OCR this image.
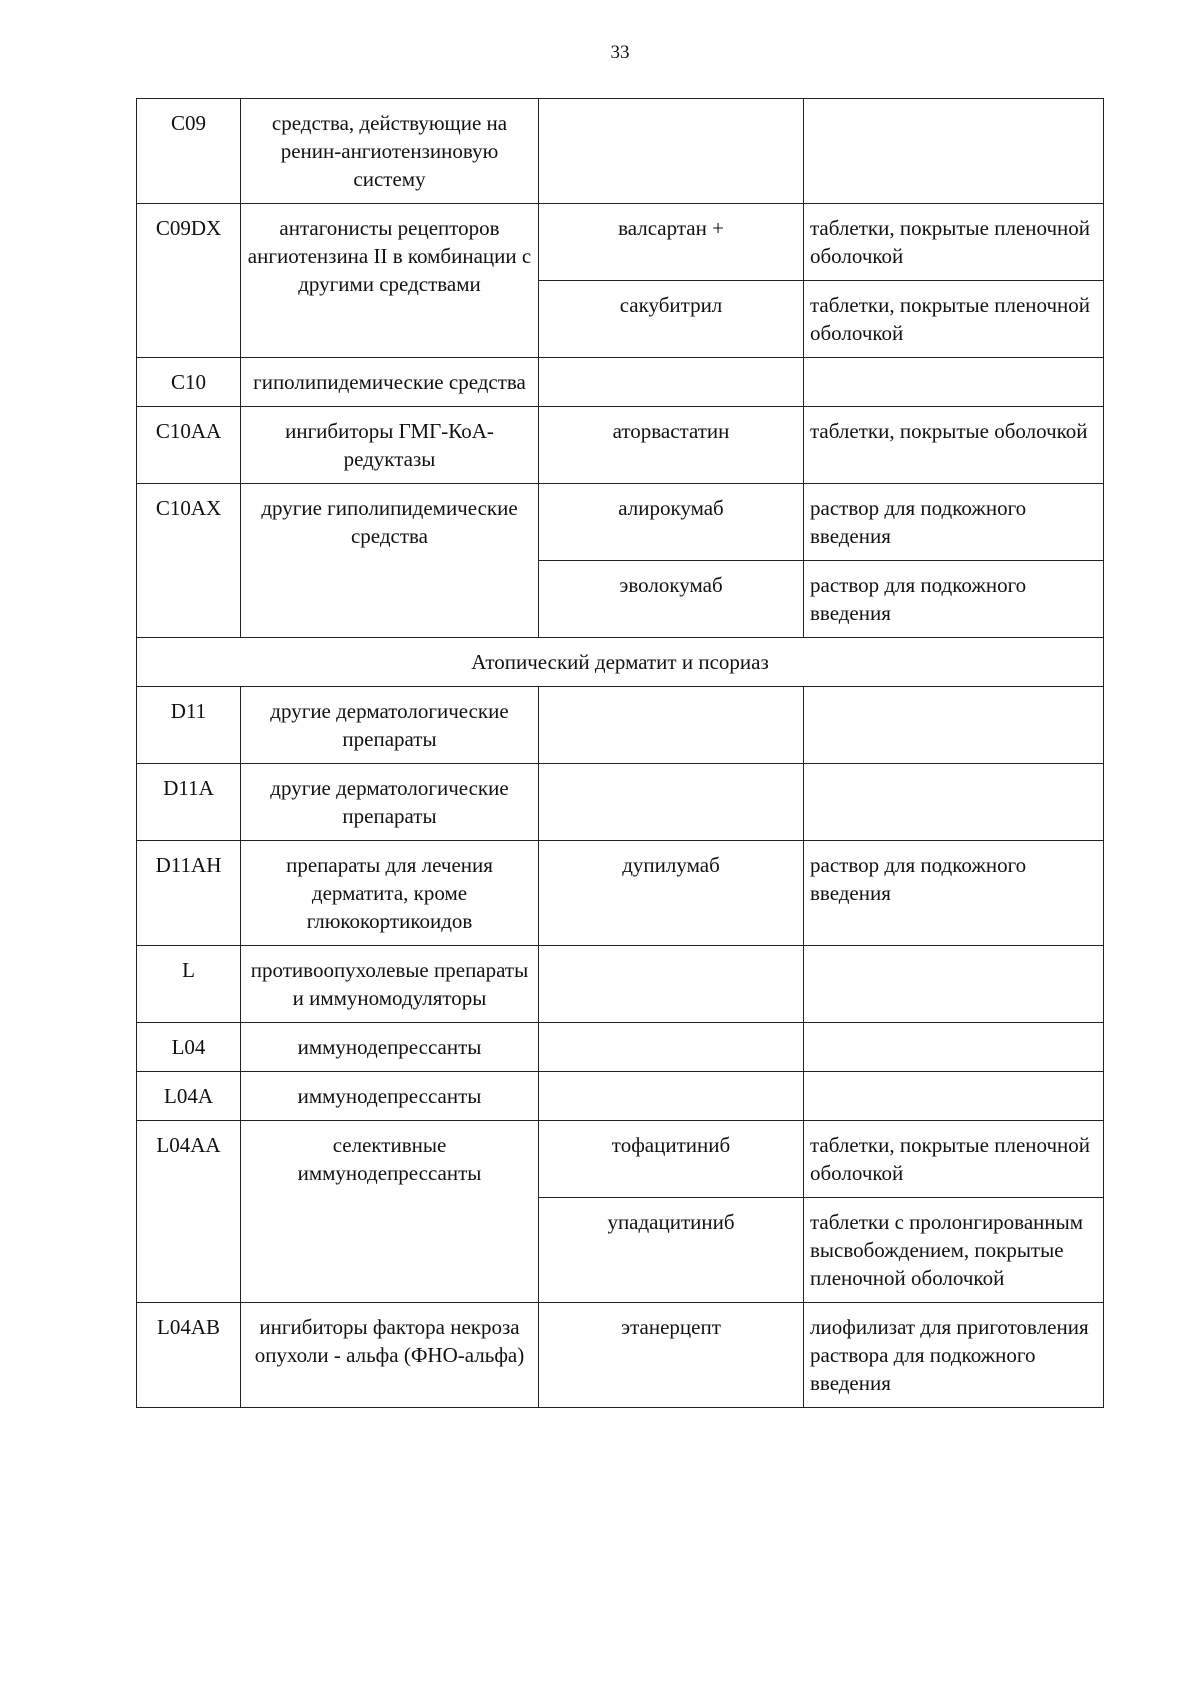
33
C09	средства, действующие на ренин-ангиотензиновую систему		
C09DX	антагонисты рецепторов ангиотензина II в комбинации с другими средствами	валсартан +	таблетки, покрытые пленочной оболочкой
		сакубитрил	таблетки, покрытые пленочной оболочкой
C10	гиполипидемические средства		
C10AA	ингибиторы ГМГ-КоА-редуктазы	аторвастатин	таблетки, покрытые оболочкой
C10AX	другие гиполипидемические средства	алирокумаб	раствор для подкожного введения
		эволокумаб	раствор для подкожного введения
Атопический дерматит и псориаз			
D11	другие дерматологические препараты		
D11A	другие дерматологические препараты		
D11AH	препараты для лечения дерматита, кроме глюкокортикоидов	дупилумаб	раствор для подкожного введения
L	противоопухолевые препараты и иммуномодуляторы		
L04	иммунодепрессанты		
L04A	иммунодепрессанты		
L04AA	селективные иммунодепрессанты	тофацитиниб	таблетки, покрытые пленочной оболочкой
		упадацитиниб	таблетки с пролонгированным высвобождением, покрытые пленочной оболочкой
L04AB	ингибиторы фактора некроза опухоли - альфа (ФНО-альфа)	этанерцепт	лиофилизат для приготовления раствора для подкожного введения
